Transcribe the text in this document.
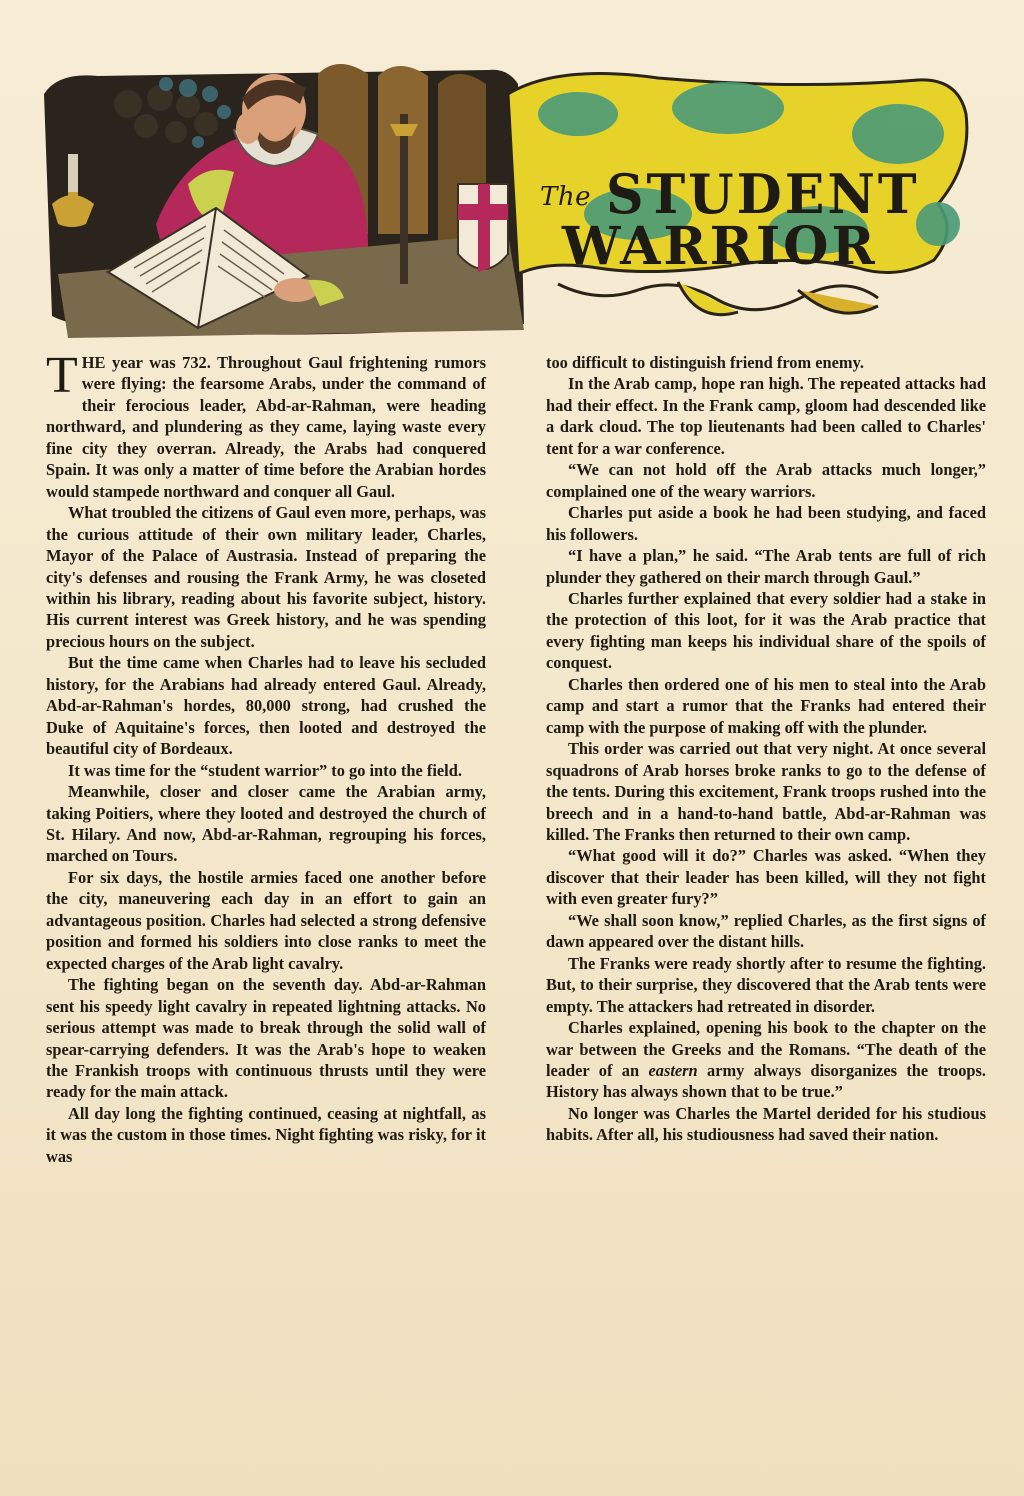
The STUDENT
WARRIOR

THE year was 732. Throughout Gaul frightening rumors were flying: the fearsome Arabs, under the command of their ferocious leader, Abd-ar-Rahman, were heading northward, and plundering as they came, laying waste every fine city they overran. Already, the Arabs had conquered Spain. It was only a matter of time before the Arabian hordes would stampede northward and conquer all Gaul.

What troubled the citizens of Gaul even more, perhaps, was the curious attitude of their own military leader, Charles, Mayor of the Palace of Austrasia. Instead of preparing the city's defenses and rousing the Frank Army, he was closeted within his library, reading about his favorite subject, history. His current interest was Greek history, and he was spending precious hours on the subject.

But the time came when Charles had to leave his secluded history, for the Arabians had already entered Gaul. Already, Abd-ar-Rahman's hordes, 80,000 strong, had crushed the Duke of Aquitaine's forces, then looted and destroyed the beautiful city of Bordeaux.

It was time for the “student warrior” to go into the field.

Meanwhile, closer and closer came the Arabian army, taking Poitiers, where they looted and destroyed the church of St. Hilary. And now, Abd-ar-Rahman, regrouping his forces, marched on Tours.

For six days, the hostile armies faced one another before the city, maneuvering each day in an effort to gain an advantageous position. Charles had selected a strong defensive position and formed his soldiers into close ranks to meet the expected charges of the Arab light cavalry.

The fighting began on the seventh day. Abd-ar-Rahman sent his speedy light cavalry in repeated lightning attacks. No serious attempt was made to break through the solid wall of spear-carrying defenders. It was the Arab's hope to weaken the Frankish troops with continuous thrusts until they were ready for the main attack.

All day long the fighting continued, ceasing at nightfall, as it was the custom in those times. Night fighting was risky, for it was

too difficult to distinguish friend from enemy.

In the Arab camp, hope ran high. The repeated attacks had had their effect. In the Frank camp, gloom had descended like a dark cloud. The top lieutenants had been called to Charles' tent for a war conference.

“We can not hold off the Arab attacks much longer,” complained one of the weary warriors.

Charles put aside a book he had been studying, and faced his followers.

“I have a plan,” he said. “The Arab tents are full of rich plunder they gathered on their march through Gaul.”

Charles further explained that every soldier had a stake in the protection of this loot, for it was the Arab practice that every fighting man keeps his individual share of the spoils of conquest.

Charles then ordered one of his men to steal into the Arab camp and start a rumor that the Franks had entered their camp with the purpose of making off with the plunder.

This order was carried out that very night. At once several squadrons of Arab horses broke ranks to go to the defense of the tents. During this excitement, Frank troops rushed into the breech and in a hand-to-hand battle, Abd-ar-Rahman was killed. The Franks then returned to their own camp.

“What good will it do?” Charles was asked. “When they discover that their leader has been killed, will they not fight with even greater fury?”

“We shall soon know,” replied Charles, as the first signs of dawn appeared over the distant hills.

The Franks were ready shortly after to resume the fighting. But, to their surprise, they discovered that the Arab tents were empty. The attackers had retreated in disorder.

Charles explained, opening his book to the chapter on the war between the Greeks and the Romans. “The death of the leader of an eastern army always disorganizes the troops. History has always shown that to be true.”

No longer was Charles the Martel derided for his studious habits. After all, his studiousness had saved their nation.
